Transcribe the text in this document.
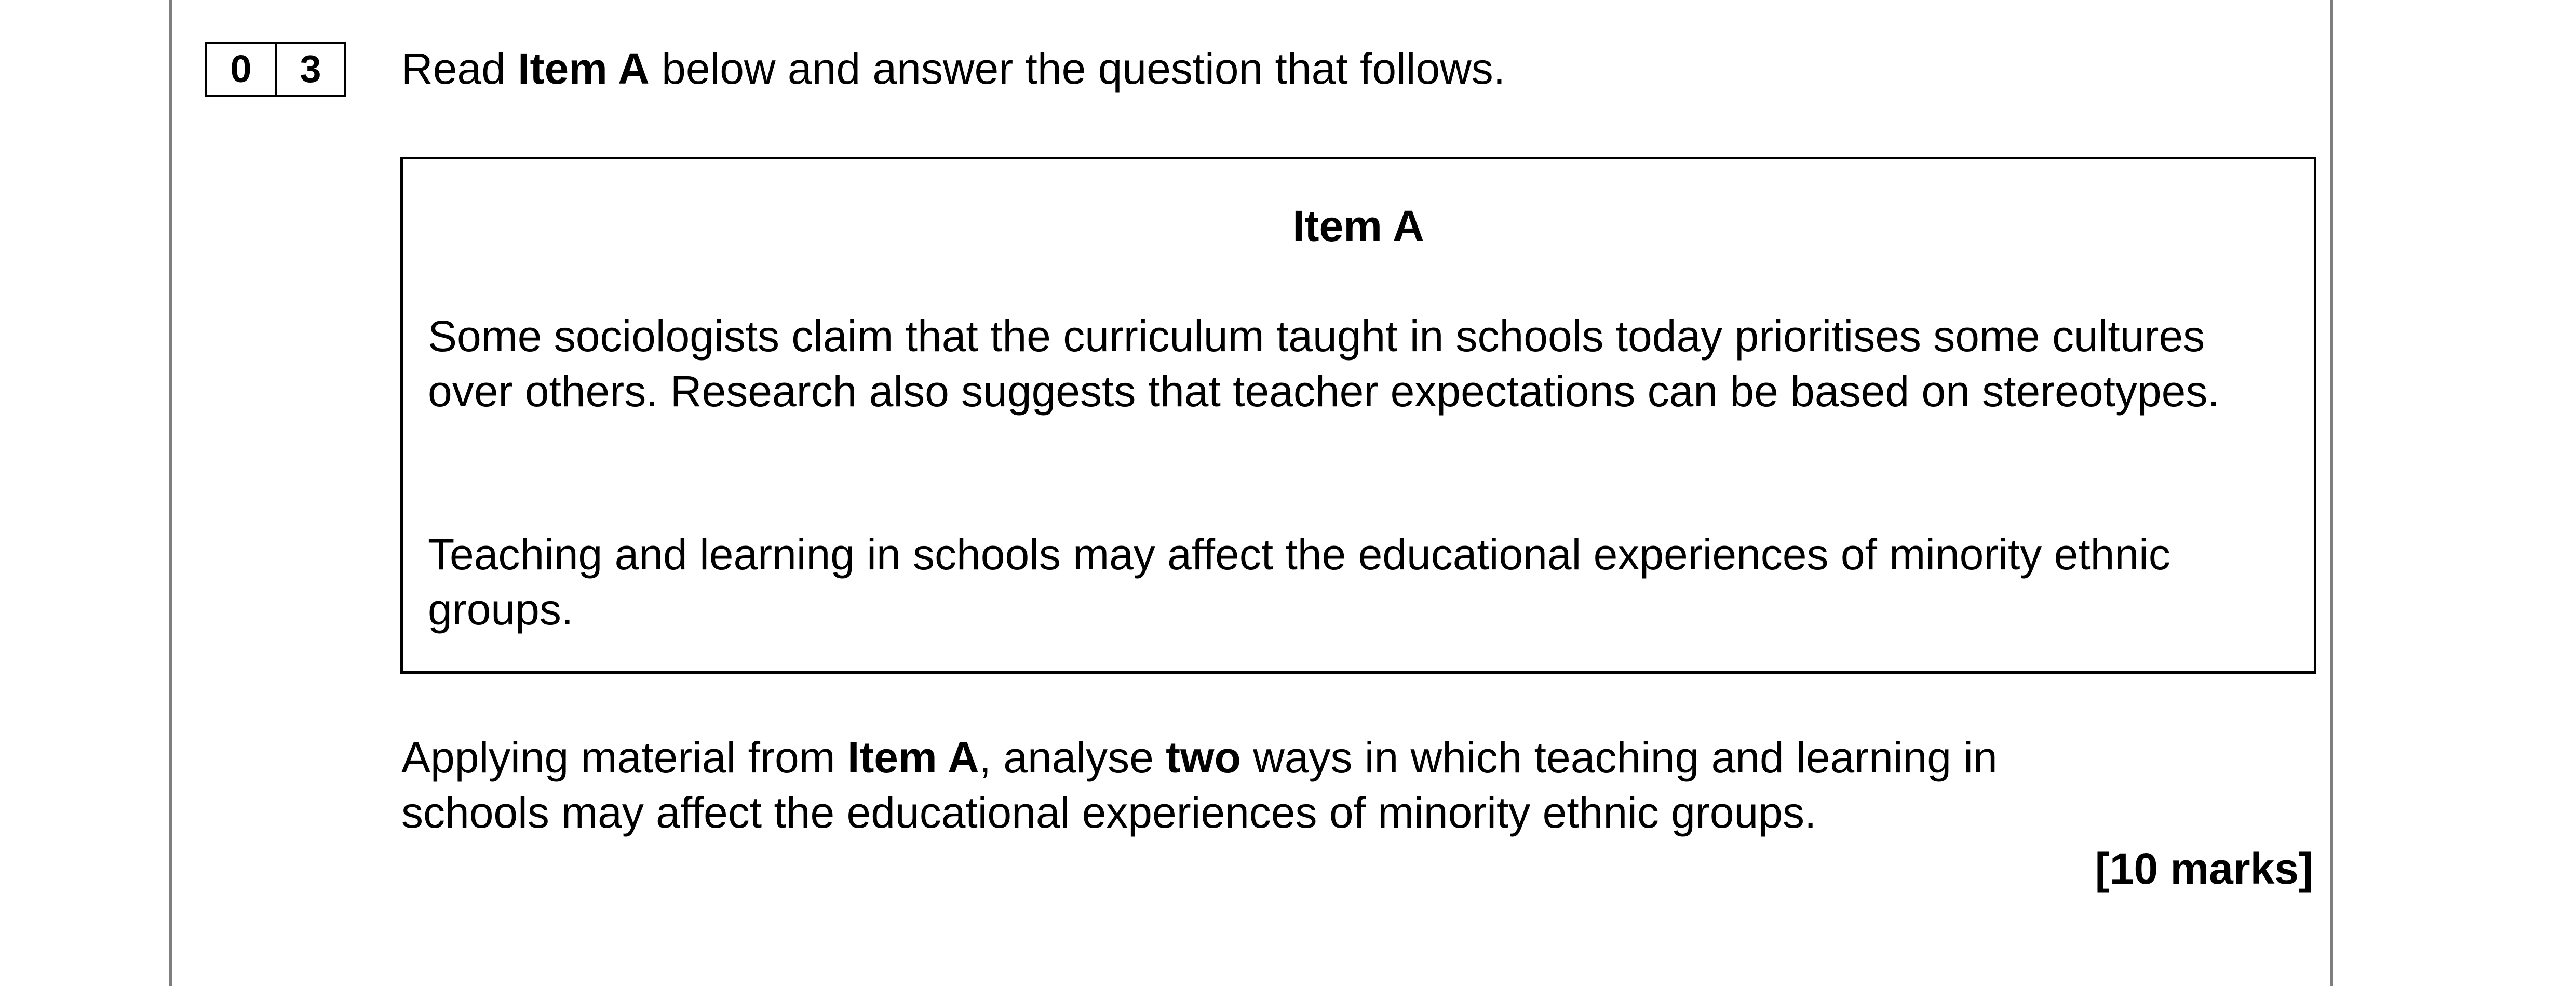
0	3	Read Item A below and answer the question that follows.
Item A
Some sociologists claim that the curriculum taught in schools today prioritises some cultures over others. Research also suggests that teacher expectations can be based on stereotypes.
Teaching and learning in schools may affect the educational experiences of minority ethnic groups.
Applying material from Item A, analyse two ways in which teaching and learning in
schools may affect the educational experiences of minority ethnic groups.
[10 marks]
